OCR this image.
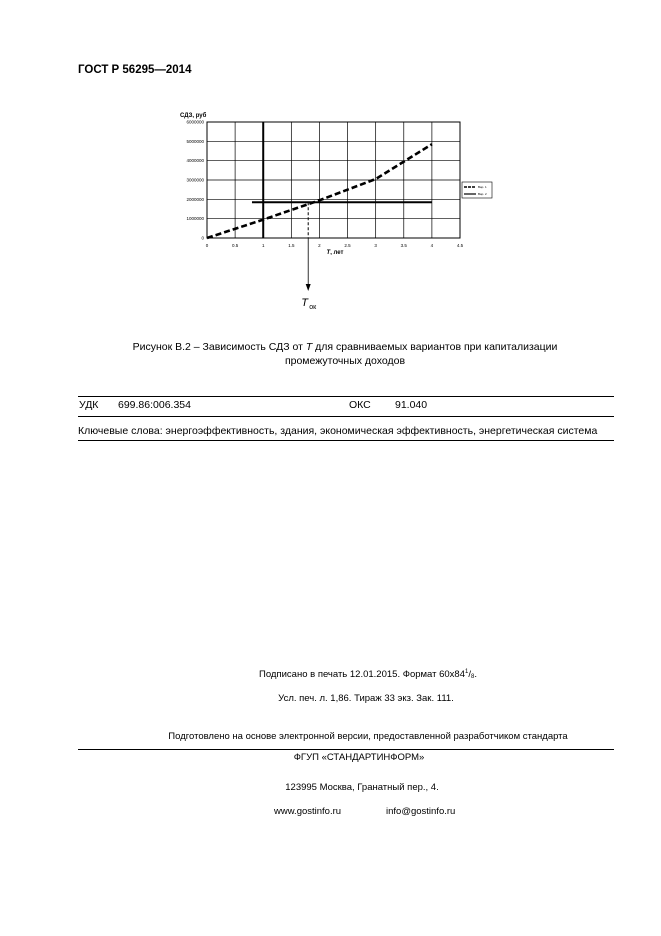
ГОСТ Р 56295—2014
СДЗ, руб
0	0.5	1	1.5	2	2.5	3	3.5	4	4.5
0
1000000
2000000
3000000
4000000
5000000
6000000
Т, лет
Вар. 1
Вар. 2
Т ок
Рисунок В.2 – Зависимость СДЗ от Т для сравниваемых вариантов при капитализации
промежуточных доходов
УДК 699.86:006.354	ОКС 91.040
Ключевые слова: энергоэффективность, здания, экономическая эффективность, энергетическая система
Подписано в печать 12.01.2015. Формат $60х84^1/_8$.
Усл. печ. л. 1,86. Тираж 33 экз. Зак. 111.
Подготовлено на основе электронной версии, предоставленной разработчиком стандарта
ФГУП «СТАНДАРТИНФОРМ»
123995 Москва, Гранатный пер., 4.
www.gostinfo.ru	info@gostinfo.ru
